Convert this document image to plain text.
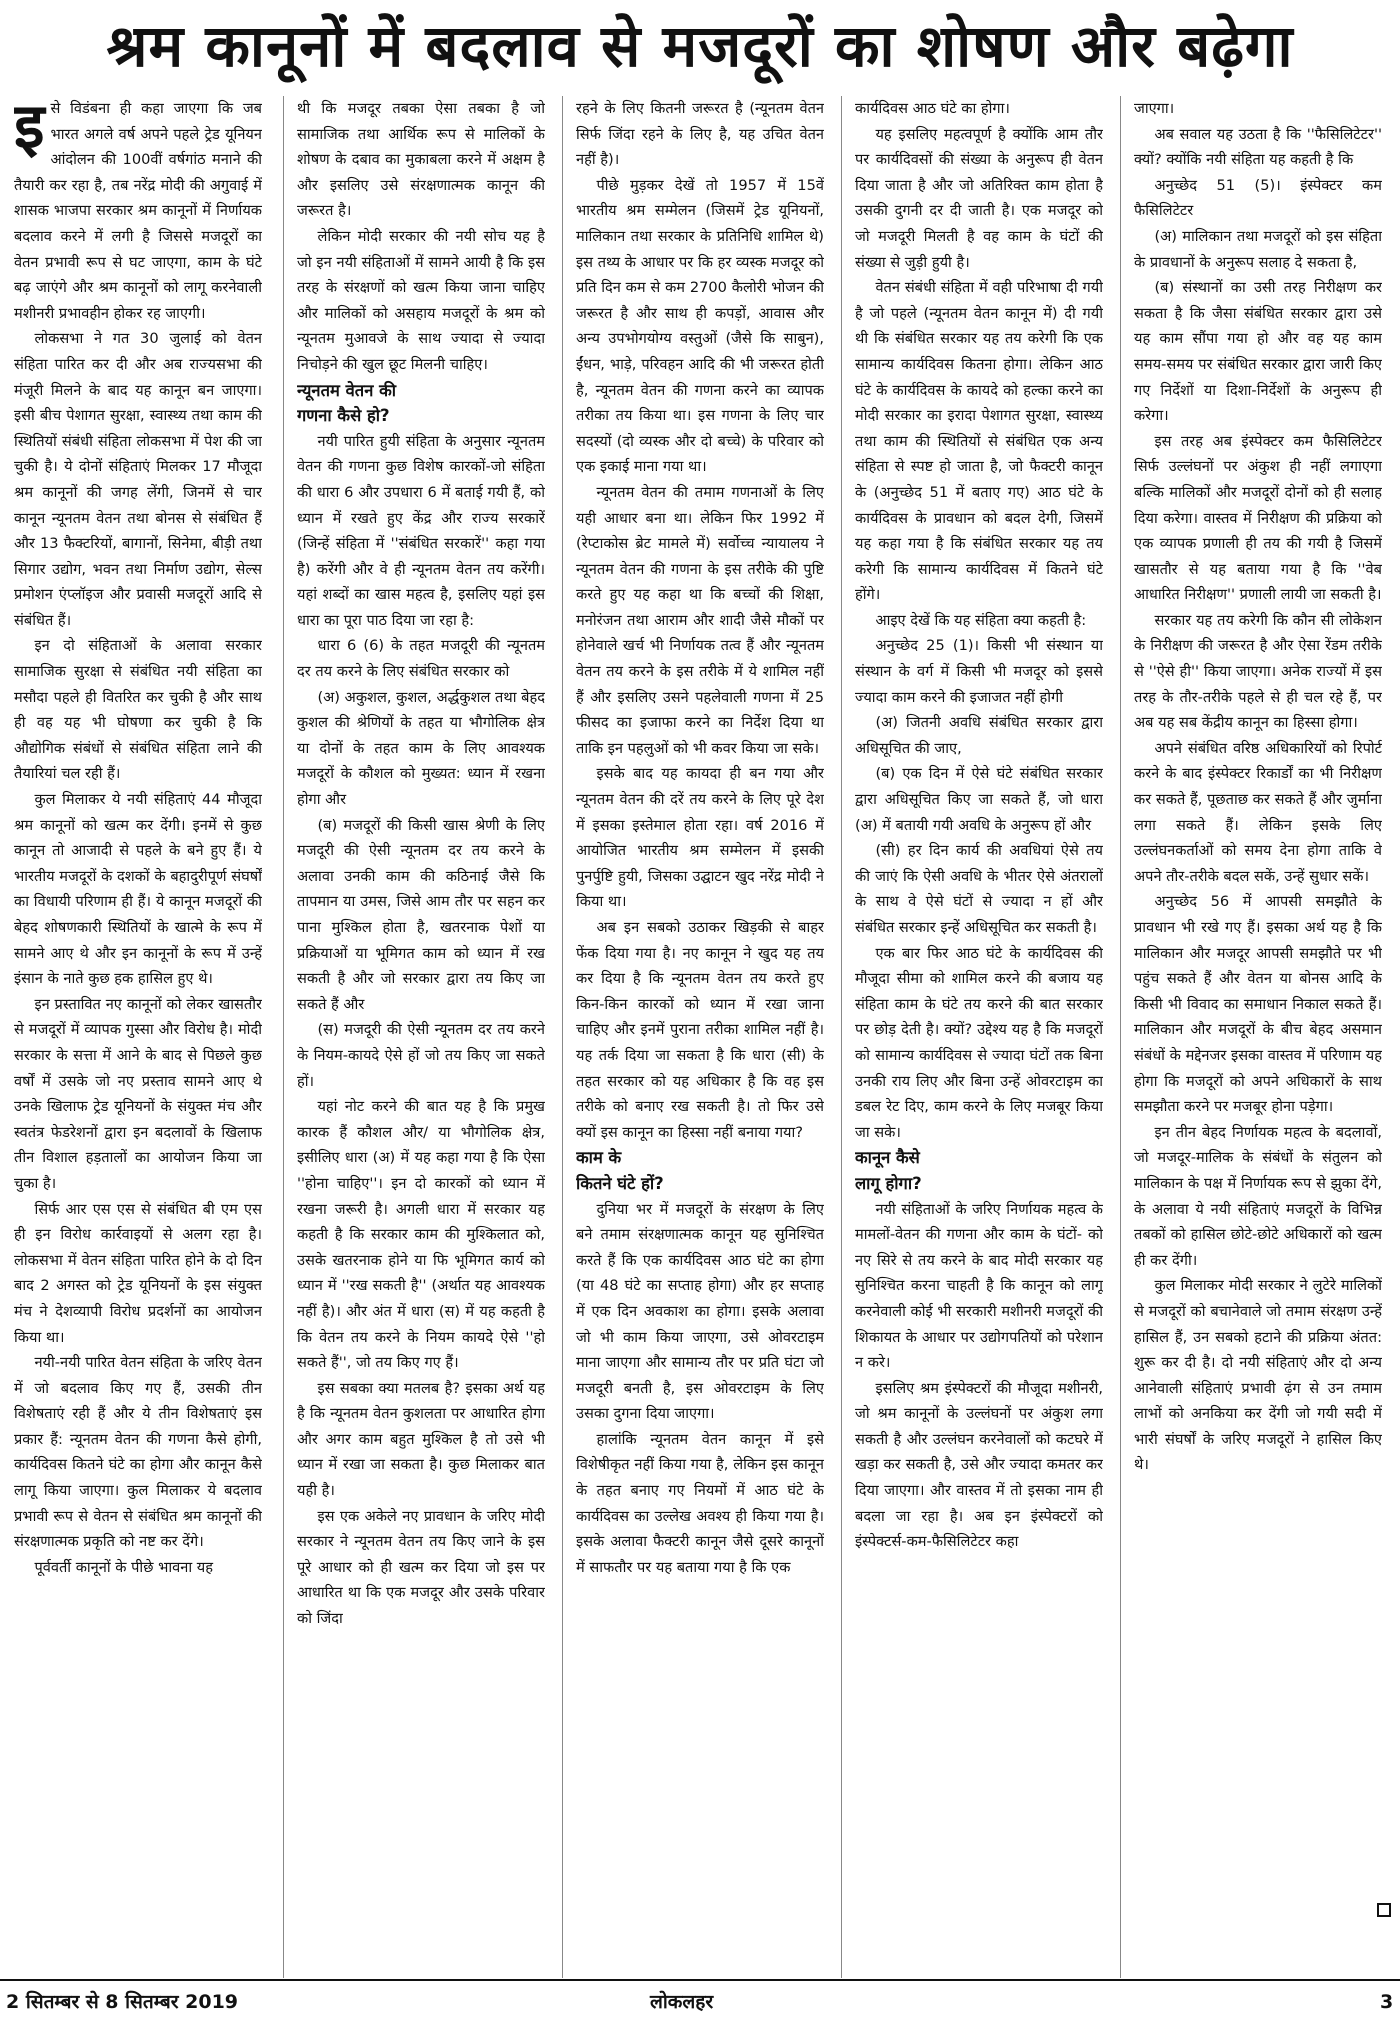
श्रम कानूनों में बदलाव से मजदूरों का शोषण और बढ़ेगा

इसे विडंबना ही कहा जाएगा कि जब भारत अगले वर्ष अपने पहले ट्रेड यूनियन आंदोलन की 100वीं वर्षगांठ मनाने की तैयारी कर रहा है, तब नरेंद्र मोदी की अगुवाई में शासक भाजपा सरकार श्रम कानूनों में निर्णायक बदलाव करने में लगी है जिससे मजदूरों का वेतन प्रभावी रूप से घट जाएगा, काम के घंटे बढ़ जाएंगे और श्रम कानूनों को लागू करनेवाली मशीनरी प्रभावहीन होकर रह जाएगी।

लोकसभा ने गत 30 जुलाई को वेतन संहिता पारित कर दी और अब राज्यसभा की मंजूरी मिलने के बाद यह कानून बन जाएगा। इसी बीच पेशागत सुरक्षा, स्वास्थ्य तथा काम की स्थितियों संबंधी संहिता लोकसभा में पेश की जा चुकी है। ये दोनों संहिताएं मिलकर 17 मौजूदा श्रम कानूनों की जगह लेंगी, जिनमें से चार कानून न्यूनतम वेतन तथा बोनस से संबंधित हैं और 13 फैक्टरियों, बागानों, सिनेमा, बीड़ी तथा सिगार उद्योग, भवन तथा निर्माण उद्योग, सेल्स प्रमोशन एंप्लॉइज और प्रवासी मजदूरों आदि से संबंधित हैं।

इन दो संहिताओं के अलावा सरकार सामाजिक सुरक्षा से संबंधित नयी संहिता का मसौदा पहले ही वितरित कर चुकी है और साथ ही वह यह भी घोषणा कर चुकी है कि औद्योगिक संबंधों से संबंधित संहिता लाने की तैयारियां चल रही हैं।

कुल मिलाकर ये नयी संहिताएं 44 मौजूदा श्रम कानूनों को खत्म कर देंगी। इनमें से कुछ कानून तो आजादी से पहले के बने हुए हैं। ये भारतीय मजदूरों के दशकों के बहादुरीपूर्ण संघर्षों का विधायी परिणाम ही हैं। ये कानून मजदूरों की बेहद शोषणकारी स्थितियों के खात्मे के रूप में सामने आए थे और इन कानूनों के रूप में उन्हें इंसान के नाते कुछ हक हासिल हुए थे।

इन प्रस्तावित नए कानूनों को लेकर खासतौर से मजदूरों में व्यापक गुस्सा और विरोध है। मोदी सरकार के सत्ता में आने के बाद से पिछले कुछ वर्षों में उसके जो नए प्रस्ताव सामने आए थे उनके खिलाफ ट्रेड यूनियनों के संयुक्त मंच और स्वतंत्र फेडरेशनों द्वारा इन बदलावों के खिलाफ तीन विशाल हड़तालों का आयोजन किया जा चुका है।

सिर्फ आर एस एस से संबंधित बी एम एस ही इन विरोध कार्रवाइयों से अलग रहा है। लोकसभा में वेतन संहिता पारित होने के दो दिन बाद 2 अगस्त को ट्रेड यूनियनों के इस संयुक्त मंच ने देशव्यापी विरोध प्रदर्शनों का आयोजन किया था।

नयी-नयी पारित वेतन संहिता के जरिए वेतन में जो बदलाव किए गए हैं, उसकी तीन विशेषताएं रही हैं और ये तीन विशेषताएं इस प्रकार हैं: न्यूनतम वेतन की गणना कैसे होगी, कार्यदिवस कितने घंटे का होगा और कानून कैसे लागू किया जाएगा। कुल मिलाकर ये बदलाव प्रभावी रूप से वेतन से संबंधित श्रम कानूनों की संरक्षणात्मक प्रकृति को नष्ट कर देंगे।

पूर्ववर्ती कानूनों के पीछे भावना यह

थी कि मजदूर तबका ऐसा तबका है जो सामाजिक तथा आर्थिक रूप से मालिकों के शोषण के दबाव का मुकाबला करने में अक्षम है और इसलिए उसे संरक्षणात्मक कानून की जरूरत है।

लेकिन मोदी सरकार की नयी सोच यह है जो इन नयी संहिताओं में सामने आयी है कि इस तरह के संरक्षणों को खत्म किया जाना चाहिए और मालिकों को असहाय मजदूरों के श्रम को न्यूनतम मुआवजे के साथ ज्यादा से ज्यादा निचोड़ने की खुल छूट मिलनी चाहिए।

न्यूनतम वेतन की
गणना कैसे हो?

नयी पारित हुयी संहिता के अनुसार न्यूनतम वेतन की गणना कुछ विशेष कारकों-जो संहिता की धारा 6 और उपधारा 6 में बताई गयी हैं, को ध्यान में रखते हुए केंद्र और राज्य सरकारें (जिन्हें संहिता में ''संबंधित सरकारें'' कहा गया है) करेंगी और वे ही न्यूनतम वेतन तय करेंगी। यहां शब्दों का खास महत्व है, इसलिए यहां इस धारा का पूरा पाठ दिया जा रहा है:

धारा 6 (6) के तहत मजदूरी की न्यूनतम दर तय करने के लिए संबंधित सरकार को

(अ) अकुशल, कुशल, अर्द्धकुशल तथा बेहद कुशल की श्रेणियों के तहत या भौगोलिक क्षेत्र या दोनों के तहत काम के लिए आवश्यक मजदूरों के कौशल को मुख्यत: ध्यान में रखना होगा और

(ब) मजदूरों की किसी खास श्रेणी के लिए मजदूरी की ऐसी न्यूनतम दर तय करने के अलावा उनकी काम की कठिनाई जैसे कि तापमान या उमस, जिसे आम तौर पर सहन कर पाना मुश्किल होता है, खतरनाक पेशों या प्रक्रियाओं या भूमिगत काम को ध्यान में रख सकती है और जो सरकार द्वारा तय किए जा सकते हैं और

(स) मजदूरी की ऐसी न्यूनतम दर तय करने के नियम-कायदे ऐसे हों जो तय किए जा सकते हों।

यहां नोट करने की बात यह है कि प्रमुख कारक हैं कौशल और/ या भौगोलिक क्षेत्र, इसीलिए धारा (अ) में यह कहा गया है कि ऐसा ''होना चाहिए''। इन दो कारकों को ध्यान में रखना जरूरी है। अगली धारा में सरकार यह कहती है कि सरकार काम की मुश्किलात को, उसके खतरनाक होने या फि भूमिगत कार्य को ध्यान में ''रख सकती है'' (अर्थात यह आवश्यक नहीं है)। और अंत में धारा (स) में यह कहती है कि वेतन तय करने के नियम कायदे ऐसे ''हो सकते हैं'', जो तय किए गए हैं।

इस सबका क्या मतलब है? इसका अर्थ यह है कि न्यूनतम वेतन कुशलता पर आधारित होगा और अगर काम बहुत मुश्किल है तो उसे भी ध्यान में रखा जा सकता है। कुछ मिलाकर बात यही है।

इस एक अकेले नए प्रावधान के जरिए मोदी सरकार ने न्यूनतम वेतन तय किए जाने के इस पूरे आधार को ही खत्म कर दिया जो इस पर आधारित था कि एक मजदूर और उसके परिवार को जिंदा

रहने के लिए कितनी जरूरत है (न्यूनतम वेतन सिर्फ जिंदा रहने के लिए है, यह उचित वेतन नहीं है)।

पीछे मुड़कर देखें तो 1957 में 15वें भारतीय श्रम सम्मेलन (जिसमें ट्रेड यूनियनों, मालिकान तथा सरकार के प्रतिनिधि शामिल थे) इस तथ्य के आधार पर कि हर व्यस्क मजदूर को प्रति दिन कम से कम 2700 कैलोरी भोजन की जरूरत है और साथ ही कपड़ों, आवास और अन्य उपभोगयोग्य वस्तुओं (जैसे कि साबुन), ईंधन, भाड़े, परिवहन आदि की भी जरूरत होती है, न्यूनतम वेतन की गणना करने का व्यापक तरीका तय किया था। इस गणना के लिए चार सदस्यों (दो व्यस्क और दो बच्चे) के परिवार को एक इकाई माना गया था।

न्यूनतम वेतन की तमाम गणनाओं के लिए यही आधार बना था। लेकिन फिर 1992 में (रेप्टाकोस ब्रेट मामले में) सर्वोच्च न्यायालय ने न्यूनतम वेतन की गणना के इस तरीके की पुष्टि करते हुए यह कहा था कि बच्चों की शिक्षा, मनोरंजन तथा आराम और शादी जैसे मौकों पर होनेवाले खर्च भी निर्णायक तत्व हैं और न्यूनतम वेतन तय करने के इस तरीके में ये शामिल नहीं हैं और इसलिए उसने पहलेवाली गणना में 25 फीसद का इजाफा करने का निर्देश दिया था ताकि इन पहलुओं को भी कवर किया जा सके।

इसके बाद यह कायदा ही बन गया और न्यूनतम वेतन की दरें तय करने के लिए पूरे देश में इसका इस्तेमाल होता रहा। वर्ष 2016 में आयोजित भारतीय श्रम सम्मेलन में इसकी पुनर्पुष्टि हुयी, जिसका उद्घाटन खुद नरेंद्र मोदी ने किया था।

अब इन सबको उठाकर खिड़की से बाहर फेंक दिया गया है। नए कानून ने खुद यह तय कर दिया है कि न्यूनतम वेतन तय करते हुए किन-किन कारकों को ध्यान में रखा जाना चाहिए और इनमें पुराना तरीका शामिल नहीं है। यह तर्क दिया जा सकता है कि धारा (सी) के तहत सरकार को यह अधिकार है कि वह इस तरीके को बनाए रख सकती है। तो फिर उसे क्यों इस कानून का हिस्सा नहीं बनाया गया?

काम के
कितने घंटे हों?

दुनिया भर में मजदूरों के संरक्षण के लिए बने तमाम संरक्षणात्मक कानून यह सुनिश्चित करते हैं कि एक कार्यदिवस आठ घंटे का होगा (या 48 घंटे का सप्ताह होगा) और हर सप्ताह में एक दिन अवकाश का होगा। इसके अलावा जो भी काम किया जाएगा, उसे ओवरटाइम माना जाएगा और सामान्य तौर पर प्रति घंटा जो मजदूरी बनती है, इस ओवरटाइम के लिए उसका दुगना दिया जाएगा।

हालांकि न्यूनतम वेतन कानून में इसे विशेषीकृत नहीं किया गया है, लेकिन इस कानून के तहत बनाए गए नियमों में आठ घंटे के कार्यदिवस का उल्लेख अवश्य ही किया गया है। इसके अलावा फैक्टरी कानून जैसे दूसरे कानूनों में साफतौर पर यह बताया गया है कि एक

कार्यदिवस आठ घंटे का होगा।

यह इसलिए महत्वपूर्ण है क्योंकि आम तौर पर कार्यदिवसों की संख्या के अनुरूप ही वेतन दिया जाता है और जो अतिरिक्त काम होता है उसकी दुगनी दर दी जाती है। एक मजदूर को जो मजदूरी मिलती है वह काम के घंटों की संख्या से जुड़ी हुयी है।

वेतन संबंधी संहिता में वही परिभाषा दी गयी है जो पहले (न्यूनतम वेतन कानून में) दी गयी थी कि संबंधित सरकार यह तय करेगी कि एक सामान्य कार्यदिवस कितना होगा। लेकिन आठ घंटे के कार्यदिवस के कायदे को हल्का करने का मोदी सरकार का इरादा पेशागत सुरक्षा, स्वास्थ्य तथा काम की स्थितियों से संबंधित एक अन्य संहिता से स्पष्ट हो जाता है, जो फैक्टरी कानून के (अनुच्छेद 51 में बताए गए) आठ घंटे के कार्यदिवस के प्रावधान को बदल देगी, जिसमें यह कहा गया है कि संबंधित सरकार यह तय करेगी कि सामान्य कार्यदिवस में कितने घंटे होंगे।

आइए देखें कि यह संहिता क्या कहती है:

अनुच्छेद 25 (1)। किसी भी संस्थान या संस्थान के वर्ग में किसी भी मजदूर को इससे ज्यादा काम करने की इजाजत नहीं होगी

(अ) जितनी अवधि संबंधित सरकार द्वारा अधिसूचित की जाए,

(ब) एक दिन में ऐसे घंटे संबंधित सरकार द्वारा अधिसूचित किए जा सकते हैं, जो धारा (अ) में बतायी गयी अवधि के अनुरूप हों और

(सी) हर दिन कार्य की अवधियां ऐसे तय की जाएं कि ऐसी अवधि के भीतर ऐसे अंतरालों के साथ वे ऐसे घंटों से ज्यादा न हों और संबंधित सरकार इन्हें अधिसूचित कर सकती है।

एक बार फिर आठ घंटे के कार्यदिवस की मौजूदा सीमा को शामिल करने की बजाय यह संहिता काम के घंटे तय करने की बात सरकार पर छोड़ देती है। क्यों? उद्देश्य यह है कि मजदूरों को सामान्य कार्यदिवस से ज्यादा घंटों तक बिना उनकी राय लिए और बिना उन्हें ओवरटाइम का डबल रेट दिए, काम करने के लिए मजबूर किया जा सके।

कानून कैसे
लागू होगा?

नयी संहिताओं के जरिए निर्णायक महत्व के मामलों-वेतन की गणना और काम के घंटों- को नए सिरे से तय करने के बाद मोदी सरकार यह सुनिश्चित करना चाहती है कि कानून को लागू करनेवाली कोई भी सरकारी मशीनरी मजदूरों की शिकायत के आधार पर उद्योगपतियों को परेशान न करे।

इसलिए श्रम इंस्पेक्टरों की मौजूदा मशीनरी, जो श्रम कानूनों के उल्लंघनों पर अंकुश लगा सकती है और उल्लंघन करनेवालों को कटघरे में खड़ा कर सकती है, उसे और ज्यादा कमतर कर दिया जाएगा। और वास्तव में तो इसका नाम ही बदला जा रहा है। अब इन इंस्पेक्टरों को इंस्पेक्टर्स-कम-फैसिलिटेटर कहा

जाएगा।

अब सवाल यह उठता है कि ''फैसिलिटेटर'' क्यों? क्योंकि नयी संहिता यह कहती है कि

अनुच्छेद 51 (5)। इंस्पेक्टर कम फैसिलिटेटर

(अ) मालिकान तथा मजदूरों को इस संहिता के प्रावधानों के अनुरूप सलाह दे सकता है,

(ब) संस्थानों का उसी तरह निरीक्षण कर सकता है कि जैसा संबंधित सरकार द्वारा उसे यह काम सौंपा गया हो और वह यह काम समय-समय पर संबंधित सरकार द्वारा जारी किए गए निर्देशों या दिशा-निर्देशों के अनुरूप ही करेगा।

इस तरह अब इंस्पेक्टर कम फैसिलिटेटर सिर्फ उल्लंघनों पर अंकुश ही नहीं लगाएगा बल्कि मालिकों और मजदूरों दोनों को ही सलाह दिया करेगा। वास्तव में निरीक्षण की प्रक्रिया को एक व्यापक प्रणाली ही तय की गयी है जिसमें खासतौर से यह बताया गया है कि ''वेब आधारित निरीक्षण'' प्रणाली लायी जा सकती है।

सरकार यह तय करेगी कि कौन सी लोकेशन के निरीक्षण की जरूरत है और ऐसा रेंडम तरीके से ''ऐसे ही'' किया जाएगा। अनेक राज्यों में इस तरह के तौर-तरीके पहले से ही चल रहे हैं, पर अब यह सब केंद्रीय कानून का हिस्सा होगा।

अपने संबंधित वरिष्ठ अधिकारियों को रिपोर्ट करने के बाद इंस्पेक्टर रिकार्डों का भी निरीक्षण कर सकते हैं, पूछताछ कर सकते हैं और जुर्माना लगा सकते हैं। लेकिन इसके लिए उल्लंघनकर्ताओं को समय देना होगा ताकि वे अपने तौर-तरीके बदल सकें, उन्हें सुधार सकें।

अनुच्छेद 56 में आपसी समझौते के प्रावधान भी रखे गए हैं। इसका अर्थ यह है कि मालिकान और मजदूर आपसी समझौते पर भी पहुंच सकते हैं और वेतन या बोनस आदि के किसी भी विवाद का समाधान निकाल सकते हैं। मालिकान और मजदूरों के बीच बेहद असमान संबंधों के मद्देनजर इसका वास्तव में परिणाम यह होगा कि मजदूरों को अपने अधिकारों के साथ समझौता करने पर मजबूर होना पड़ेगा।

इन तीन बेहद निर्णायक महत्व के बदलावों, जो मजदूर-मालिक के संबंधों के संतुलन को मालिकान के पक्ष में निर्णायक रूप से झुका देंगे, के अलावा ये नयी संहिताएं मजदूरों के विभिन्न तबकों को हासिल छोटे-छोटे अधिकारों को खत्म ही कर देंगी।

कुल मिलाकर मोदी सरकार ने लुटेरे मालिकों से मजदूरों को बचानेवाले जो तमाम संरक्षण उन्हें हासिल हैं, उन सबको हटाने की प्रक्रिया अंतत: शुरू कर दी है। दो नयी संहिताएं और दो अन्य आनेवाली संहिताएं प्रभावी ढ़ंग से उन तमाम लाभों को अनकिया कर देंगी जो गयी सदी में भारी संघर्षों के जरिए मजदूरों ने हासिल किए थे।

2 सितम्बर से 8 सितम्बर 2019	लोकलहर	3
